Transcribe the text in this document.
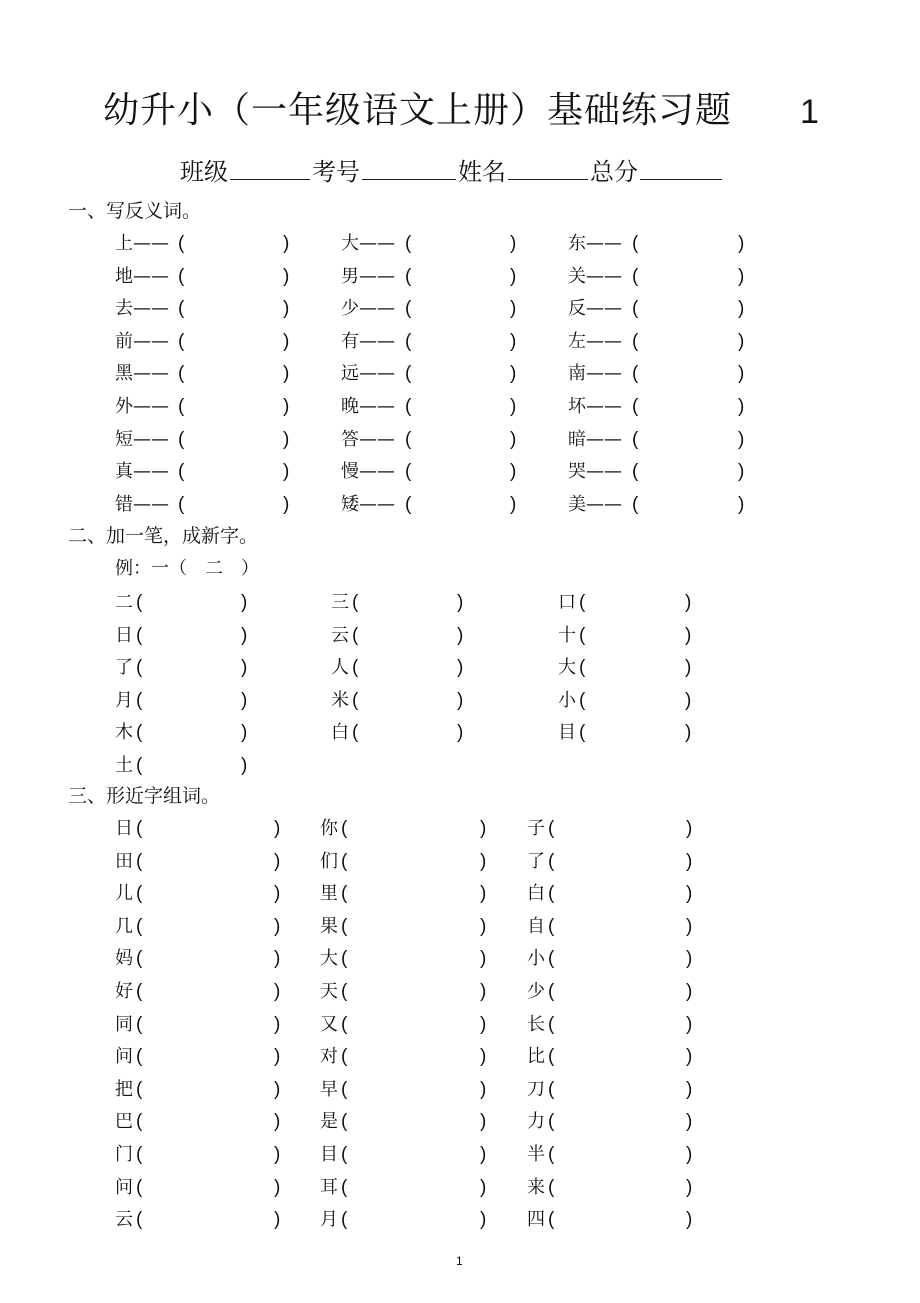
幼升小（一年级语文上册）基础练习题 1
班级	考号	姓名	总分
一、写反义词。
二、加一笔，成新字。
例：一（　二　）
三、形近字组词。
1
上—— (	)	大—— (	)	东—— (	)
地—— (	)	男—— (	)	关—— (	)
去—— (	)	少—— (	)	反—— (	)
前—— (	)	有—— (	)	左—— (	)
黑—— (	)	远—— (	)	南—— (	)
外—— (	)	晚—— (	)	坏—— (	)
短—— (	)	答—— (	)	暗—— (	)
真—— (	)	慢—— (	)	哭—— (	)
错—— (	)	矮—— (	)	美—— (	)
二 (	)	三 (	)	口 (	)
日 (	)	云 (	)	十 (	)
了 (	)	人 (	)	大 (	)
月 (	)	米 (	)	小 (	)
木 (	)	白 (	)	目 (	)
土 (	)
日 (	) 你 (	) 子 (	)
田 (	) 们 (	) 了 (	)
儿 (	) 里 (	) 白 (	)
几 (	) 果 (	) 自 (	)
妈 (	) 大 (	) 小 (	)
好 (	) 天 (	) 少 (	)
同 (	) 又 (	) 长 (	)
问 (	) 对 (	) 比 (	)
把 (	) 早 (	) 刀 (	)
巴 (	) 是 (	) 力 (	)
门 (	) 目 (	) 半 (	)
问 (	) 耳 (	) 来 (	)
云 (	) 月 (	) 四 (	)
